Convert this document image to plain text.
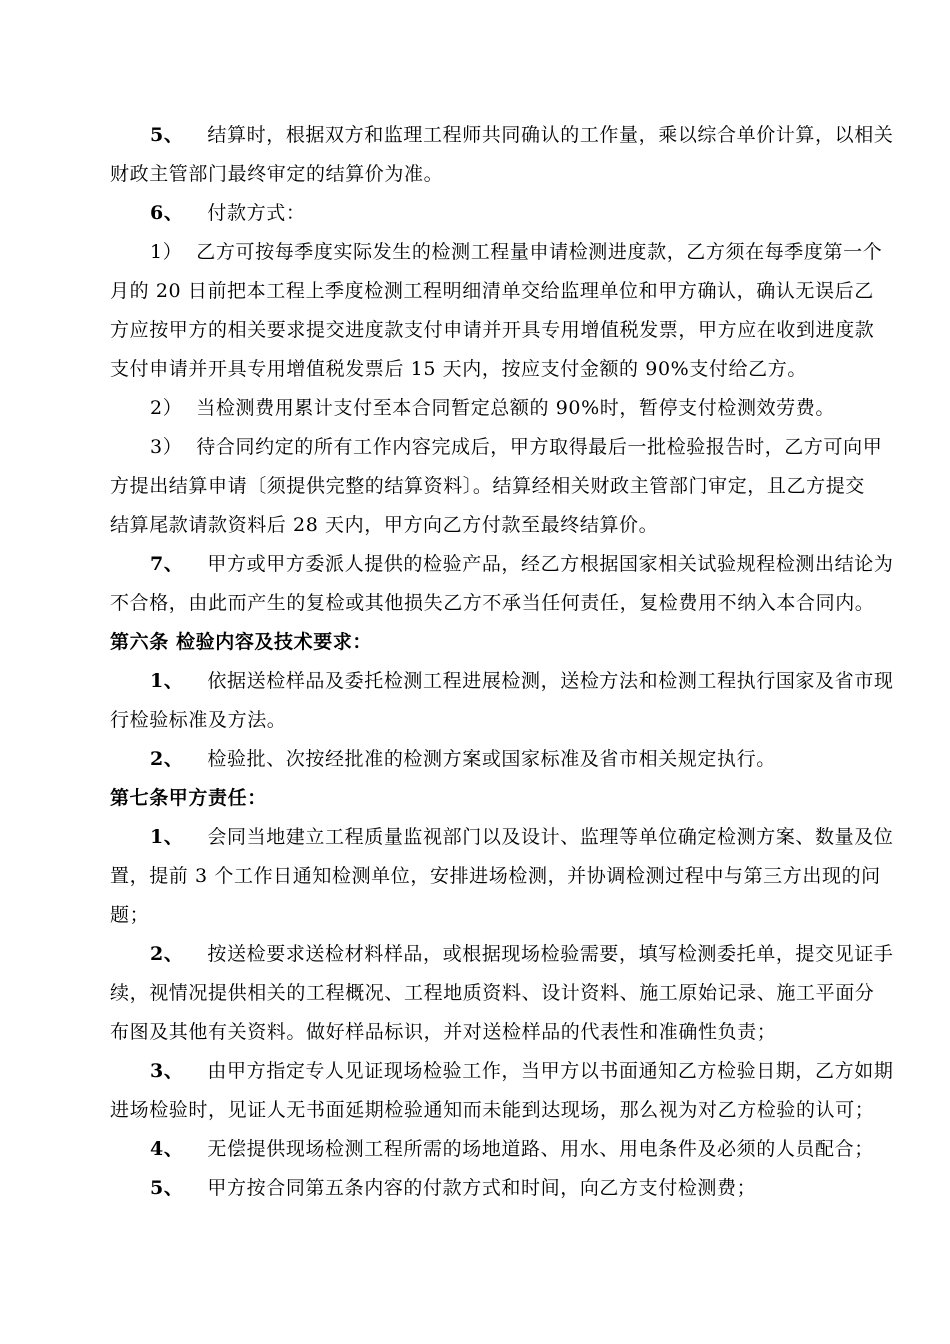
5、 结算时，根据双方和监理工程师共同确认的工作量，乘以综合单价计算，以相关
财政主管部门最终审定的结算价为准。
6、 付款方式：
1） 乙方可按每季度实际发生的检测工程量申请检测进度款，乙方须在每季度第一个
月的 20 日前把本工程上季度检测工程明细清单交给监理单位和甲方确认，确认无误后乙
方应按甲方的相关要求提交进度款支付申请并开具专用增值税发票，甲方应在收到进度款
支付申请并开具专用增值税发票后 15 天内，按应支付金额的 90%支付给乙方。
2） 当检测费用累计支付至本合同暂定总额的 90%时，暂停支付检测效劳费。
3） 待合同约定的所有工作内容完成后，甲方取得最后一批检验报告时，乙方可向甲
方提出结算申请〔须提供完整的结算资料〕。结算经相关财政主管部门审定，且乙方提交
结算尾款请款资料后 28 天内，甲方向乙方付款至最终结算价。
7、 甲方或甲方委派人提供的检验产品，经乙方根据国家相关试验规程检测出结论为
不合格，由此而产生的复检或其他损失乙方不承当任何责任，复检费用不纳入本合同内。
第六条 检验内容及技术要求：
1、 依据送检样品及委托检测工程进展检测，送检方法和检测工程执行国家及省市现
行检验标准及方法。
2、 检验批、次按经批准的检测方案或国家标准及省市相关规定执行。
第七条甲方责任：
1、 会同当地建立工程质量监视部门以及设计、监理等单位确定检测方案、数量及位
置，提前 3 个工作日通知检测单位，安排进场检测，并协调检测过程中与第三方出现的问
题；
2、 按送检要求送检材料样品，或根据现场检验需要，填写检测委托单，提交见证手
续，视情况提供相关的工程概况、工程地质资料、设计资料、施工原始记录、施工平面分
布图及其他有关资料。做好样品标识，并对送检样品的代表性和准确性负责；
3、 由甲方指定专人见证现场检验工作，当甲方以书面通知乙方检验日期，乙方如期
进场检验时，见证人无书面延期检验通知而未能到达现场，那么视为对乙方检验的认可；
4、 无偿提供现场检测工程所需的场地道路、用水、用电条件及必须的人员配合；
5、 甲方按合同第五条内容的付款方式和时间，向乙方支付检测费；
